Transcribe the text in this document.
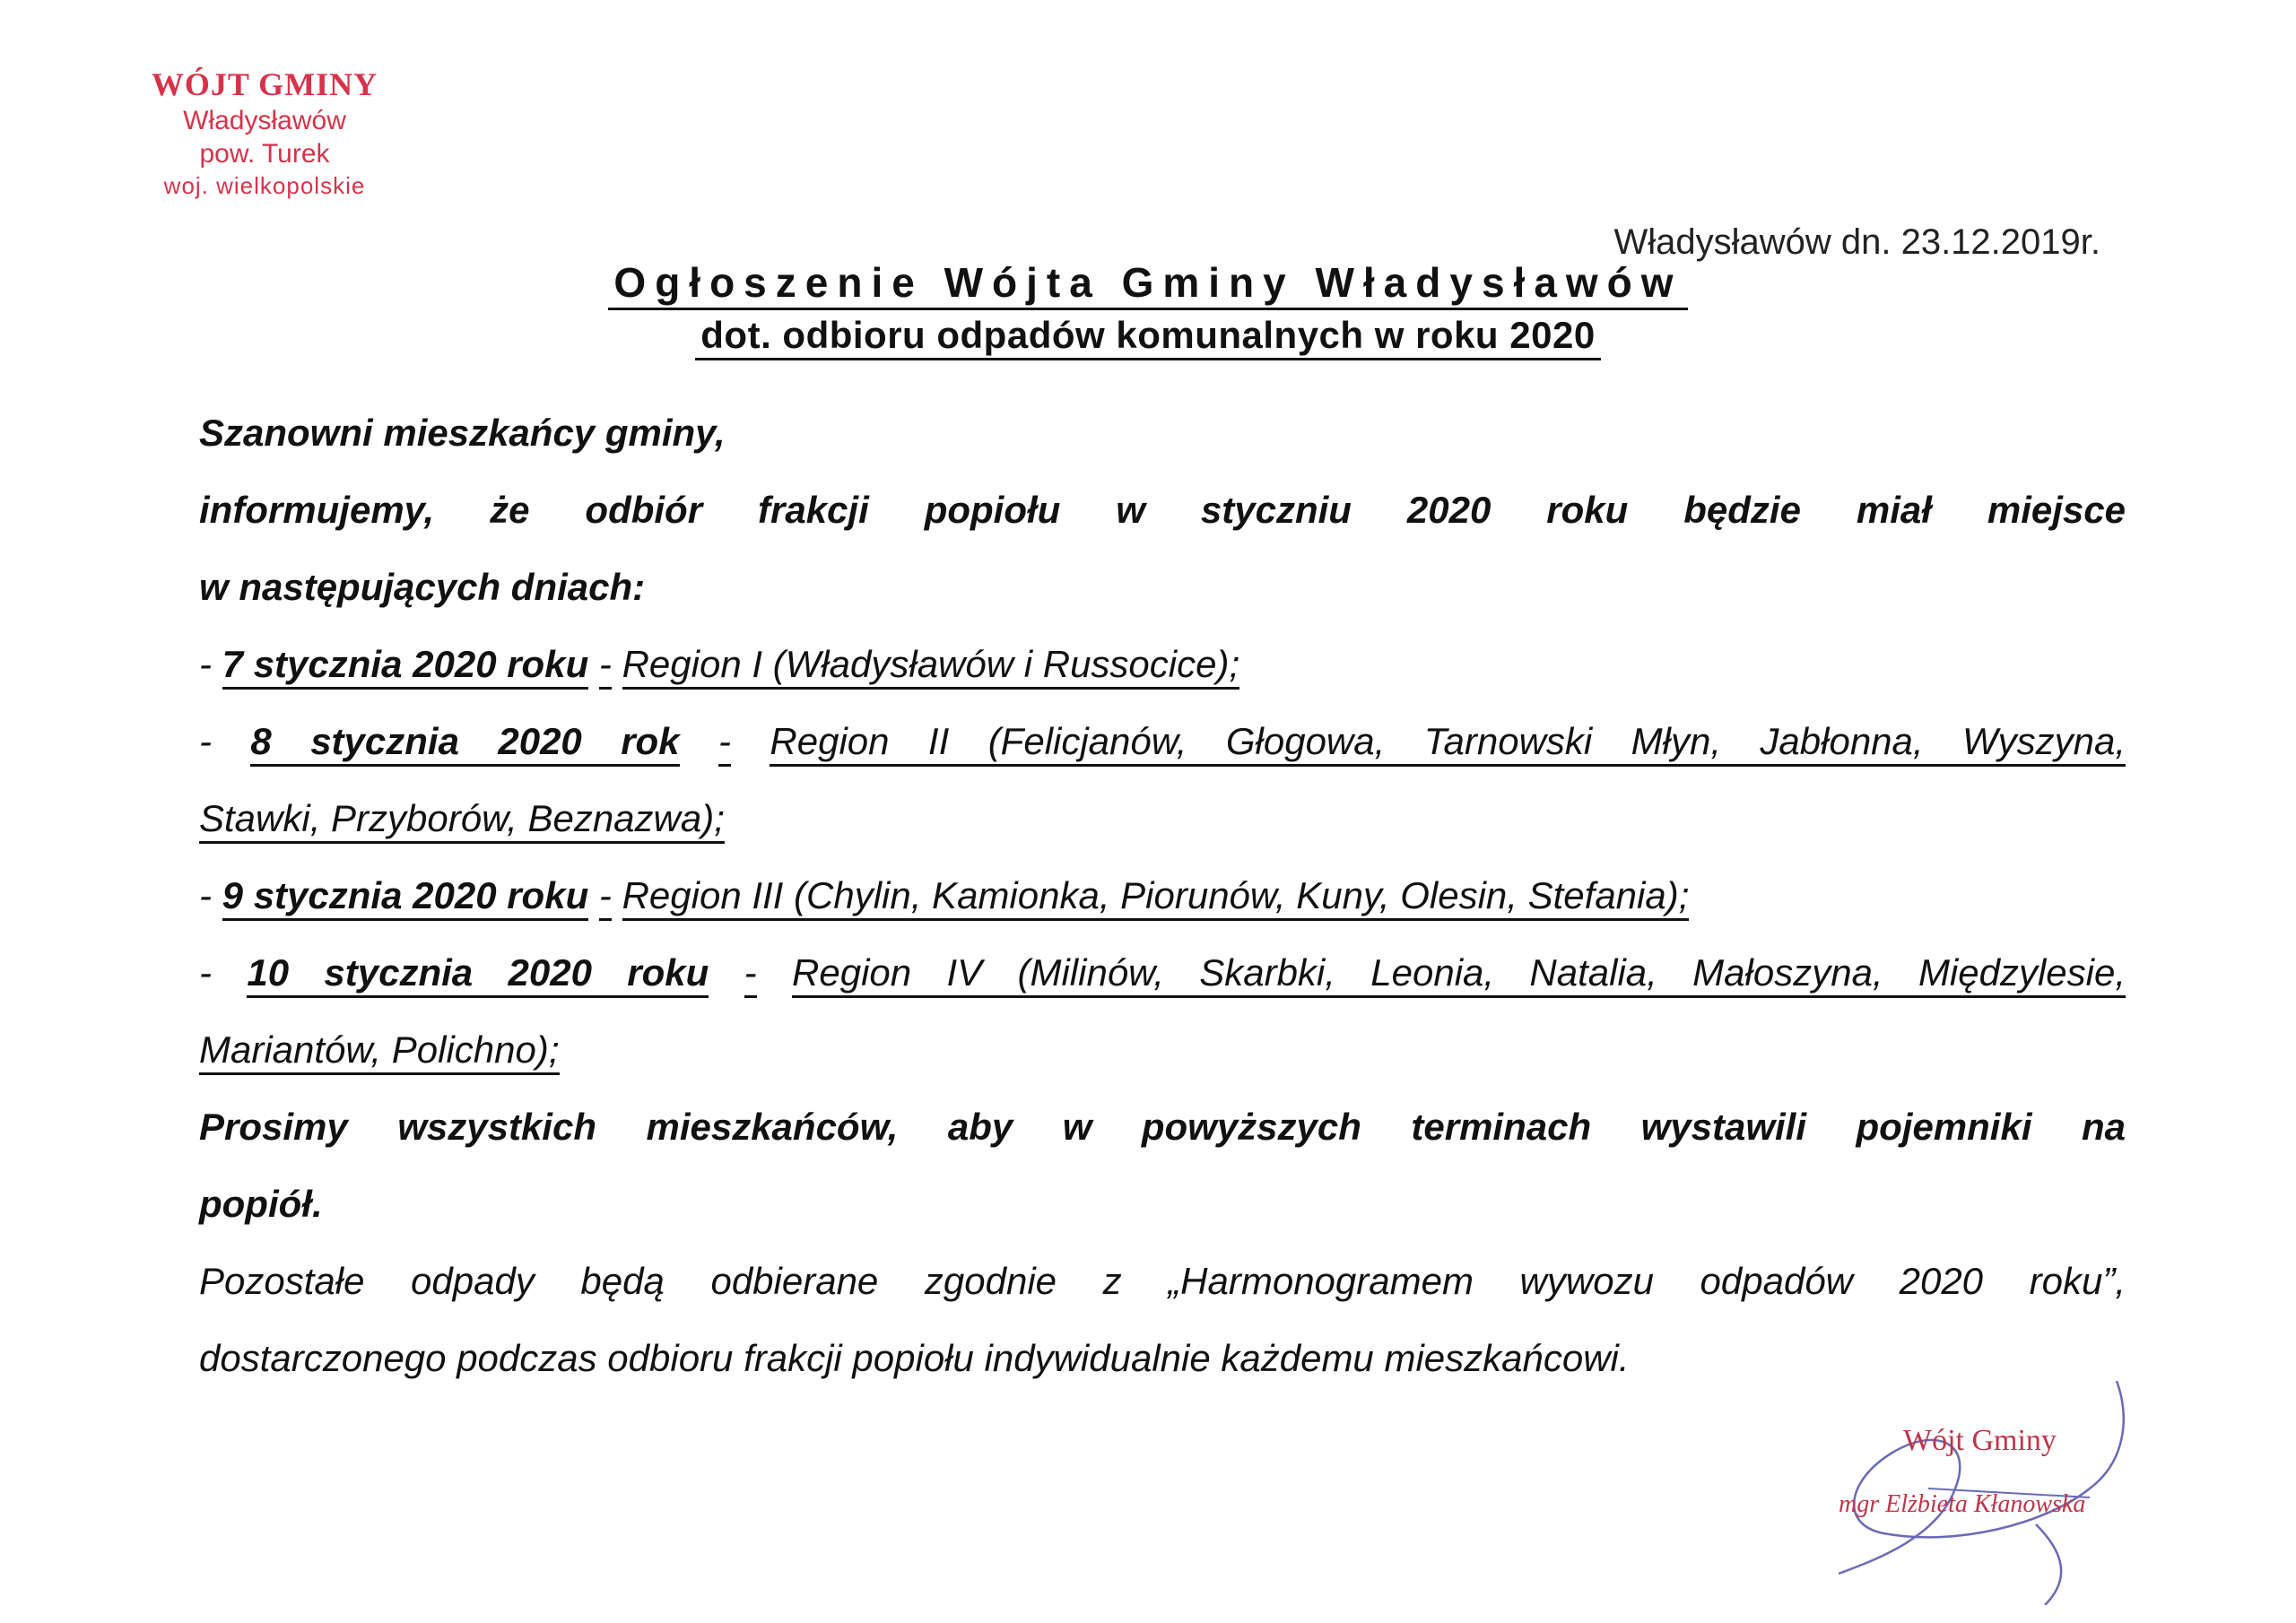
WÓJT GMINY
Władysławów
pow. Turek
woj. wielkopolskie
Władysławów dn. 23.12.2019r.
Ogłoszenie Wójta Gminy Władysławów
dot. odbioru odpadów komunalnych w roku 2020
Szanowni mieszkańcy gminy,
informujemy, że odbiór frakcji popiołu w styczniu 2020 roku będzie miał miejsce
w następujących dniach:
- 7 stycznia 2020 roku - Region I (Władysławów i Russocice);
- 8 stycznia 2020 rok - Region II (Felicjanów, Głogowa, Tarnowski Młyn, Jabłonna, Wyszyna,
Stawki, Przyborów, Beznazwa);
- 9 stycznia 2020 roku - Region III (Chylin, Kamionka, Piorunów, Kuny, Olesin, Stefania);
- 10 stycznia 2020 roku - Region IV (Milinów, Skarbki, Leonia, Natalia, Małoszyna, Międzylesie,
Mariantów, Polichno);
Prosimy wszystkich mieszkańców, aby w powyższych terminach wystawili pojemniki na
popiół.
Pozostałe odpady będą odbierane zgodnie z „Harmonogramem wywozu odpadów 2020 roku”,
dostarczonego podczas odbioru frakcji popiołu indywidualnie każdemu mieszkańcowi.
Wójt Gminy
mgr Elżbieta Kłanowska
